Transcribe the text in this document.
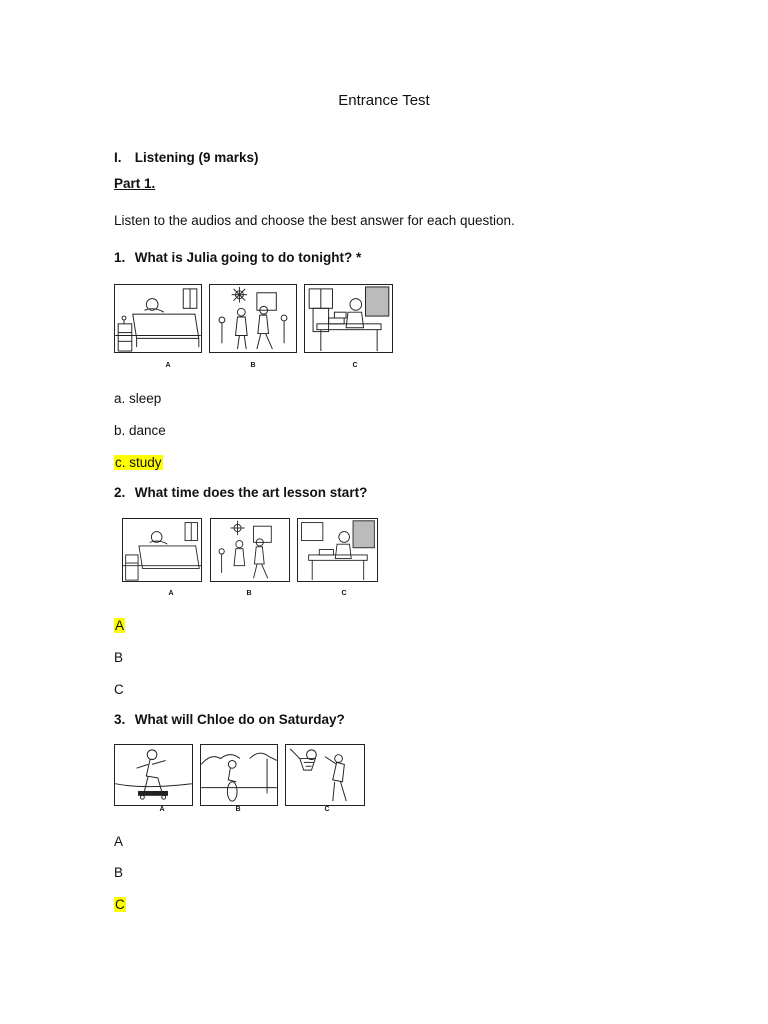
Entrance Test
I. Listening (9 marks)
Part 1.
Listen to the audios and choose the best answer for each question.
1. What is Julia going to do tonight? *
A	B	C
a. sleep
b. dance
c. study
2. What time does the art lesson start?
A	B	C
A
B
C
3. What will Chloe do on Saturday?
A	B	C
A
B
C
